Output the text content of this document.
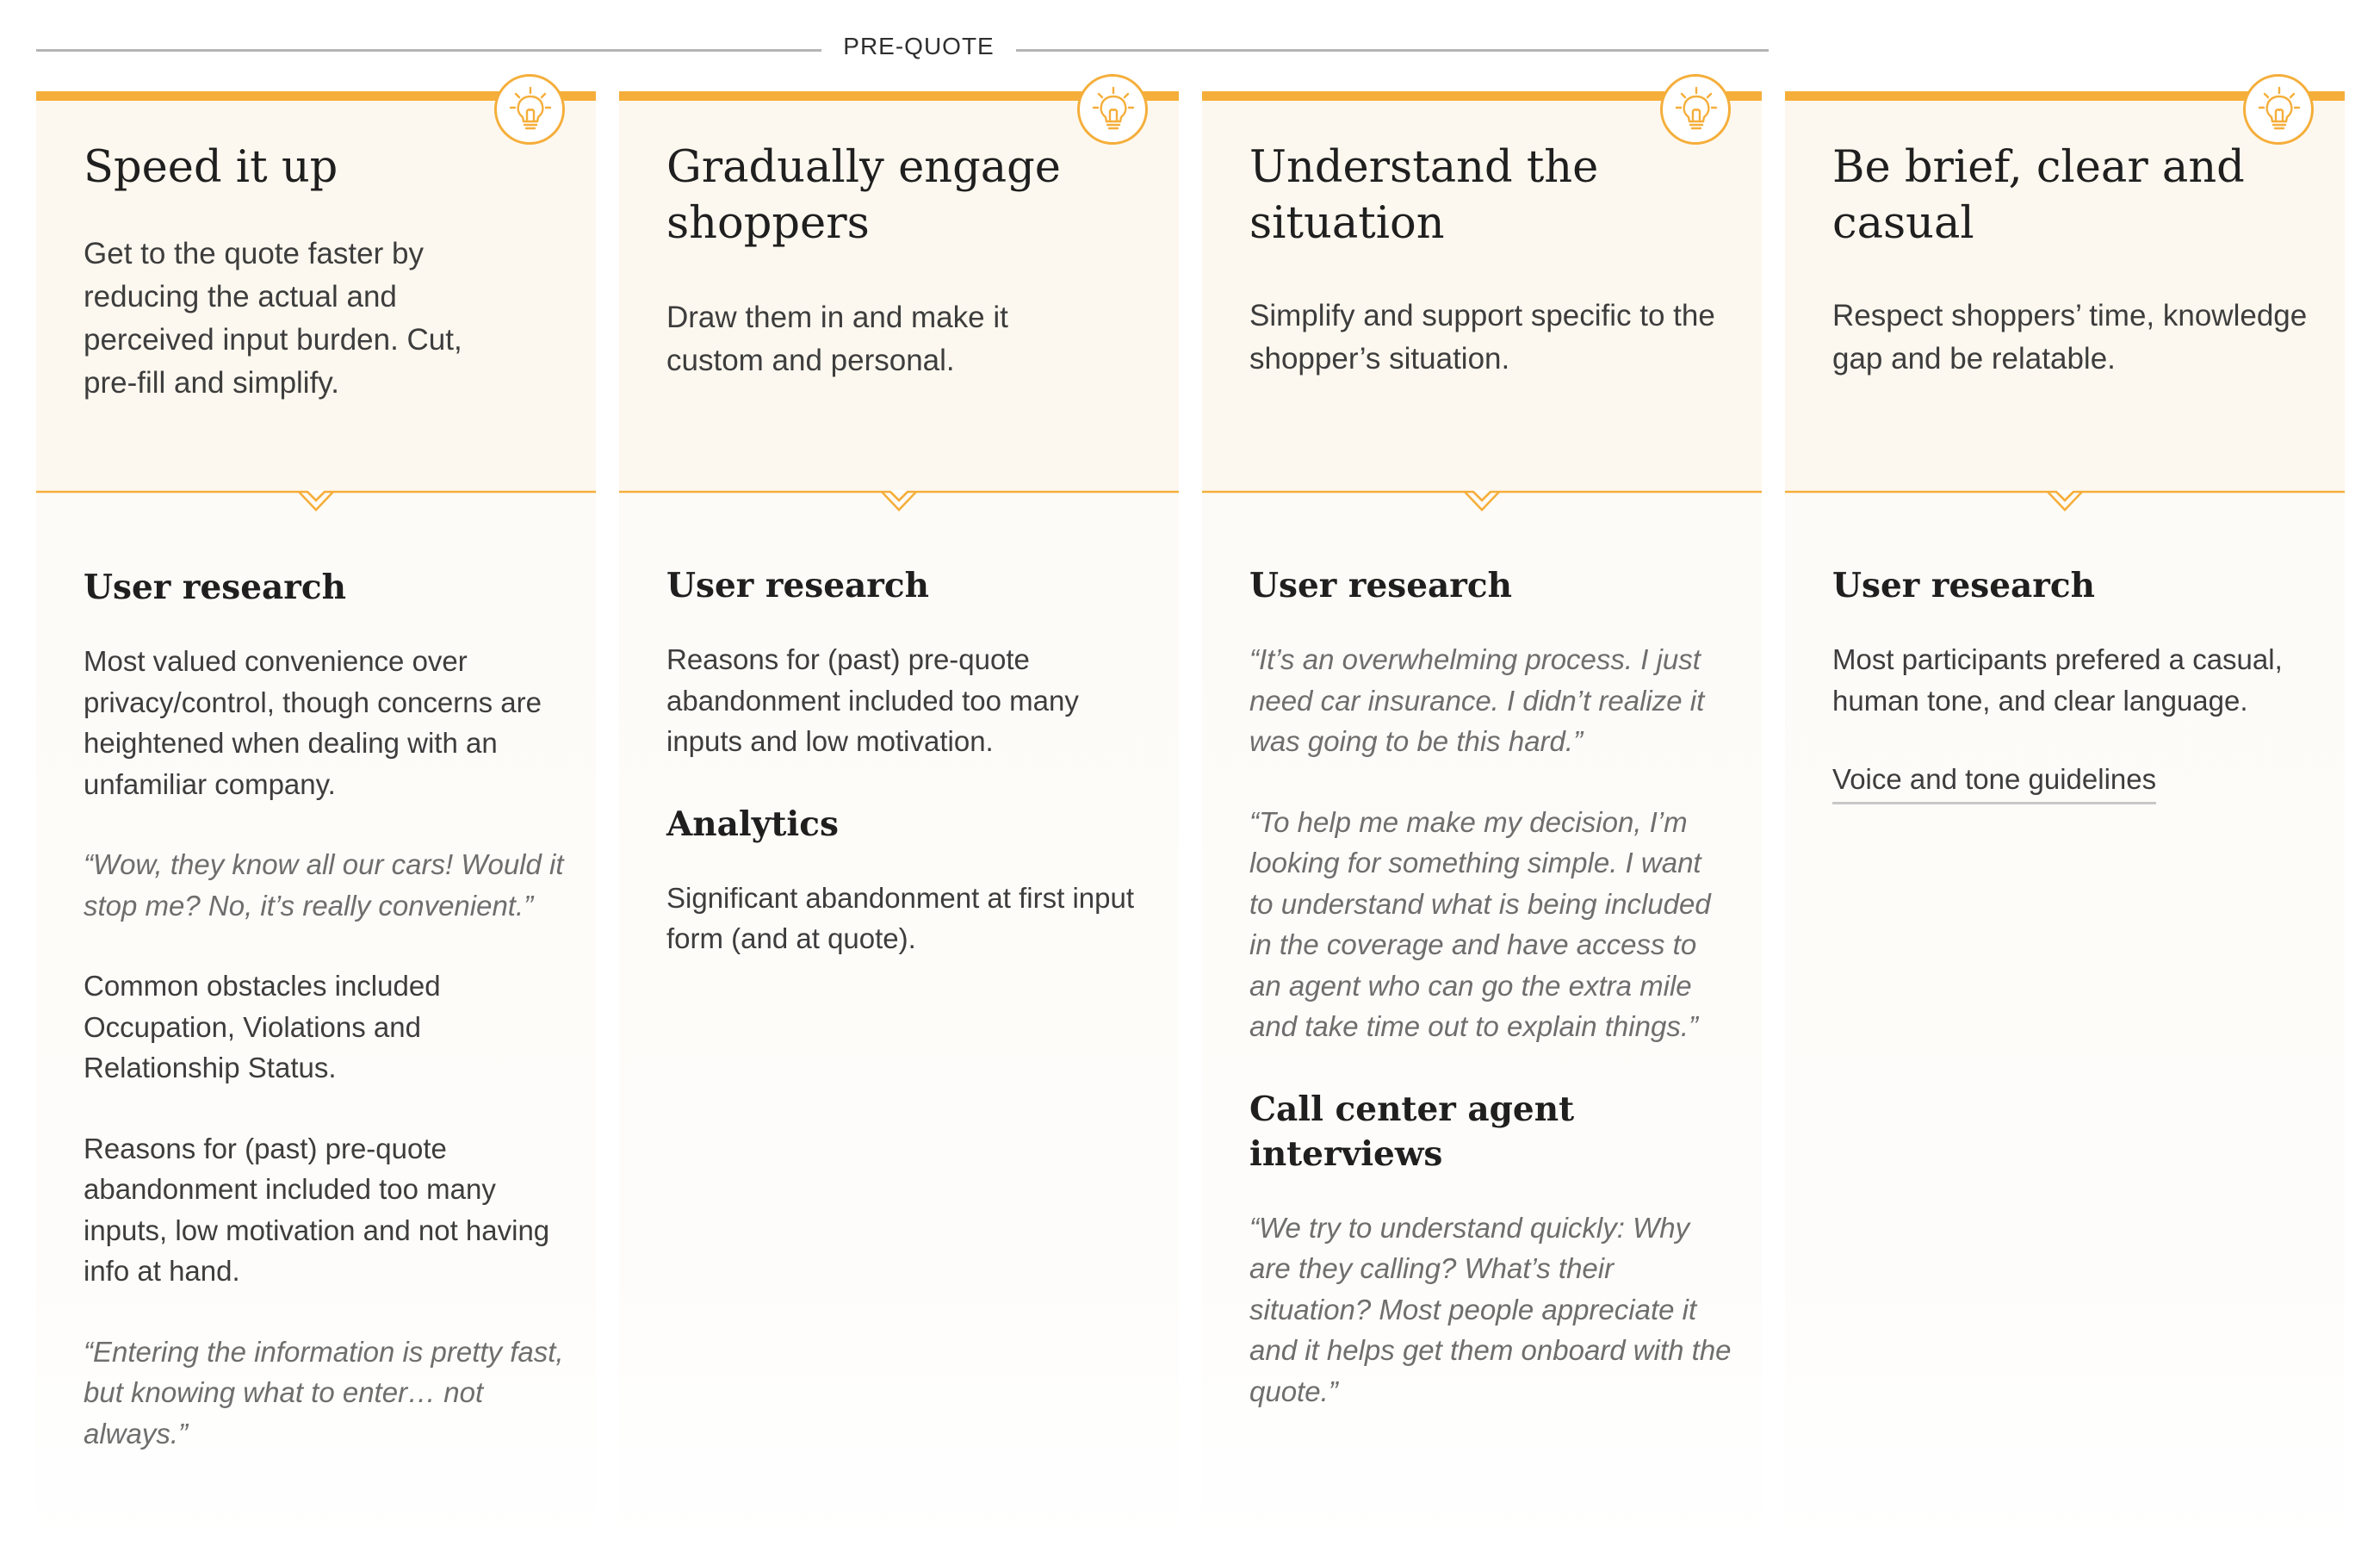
PRE-QUOTE
Speed it up

Get to the quote faster by reducing the actual and perceived input burden. Cut, pre-fill and simplify.

User research

Most valued convenience over privacy/control, though concerns are heightened when dealing with an unfamiliar company.

“Wow, they know all our cars! Would it stop me? No, it’s really convenient.”

Common obstacles included Occupation, Violations and Relationship Status.

Reasons for (past) pre-quote abandonment included too many inputs, low motivation and not having info at hand.

“Entering the information is pretty fast, but knowing what to enter… not always.”

Gradually engage shoppers

Draw them in and make it custom and personal.

User research

Reasons for (past) pre-quote abandonment included too many inputs and low motivation.

Analytics

Significant abandonment at first input form (and at quote).

Understand the situation

Simplify and support specific to the shopper’s situation.

User research

“It’s an overwhelming process. I just need car insurance. I didn’t realize it was going to be this hard.”

“To help me make my decision, I’m looking for something simple. I want to understand what is being included in the coverage and have access to an agent who can go the extra mile and take time out to explain things.”

Call center agent interviews

“We try to understand quickly: Why are they calling? What’s their situation? Most people appreciate it and it helps get them onboard with the quote.”

Be brief, clear and casual

Respect shoppers’ time, knowledge gap and be relatable.

User research

Most participants prefered a casual, human tone, and clear language.

Voice and tone guidelines
